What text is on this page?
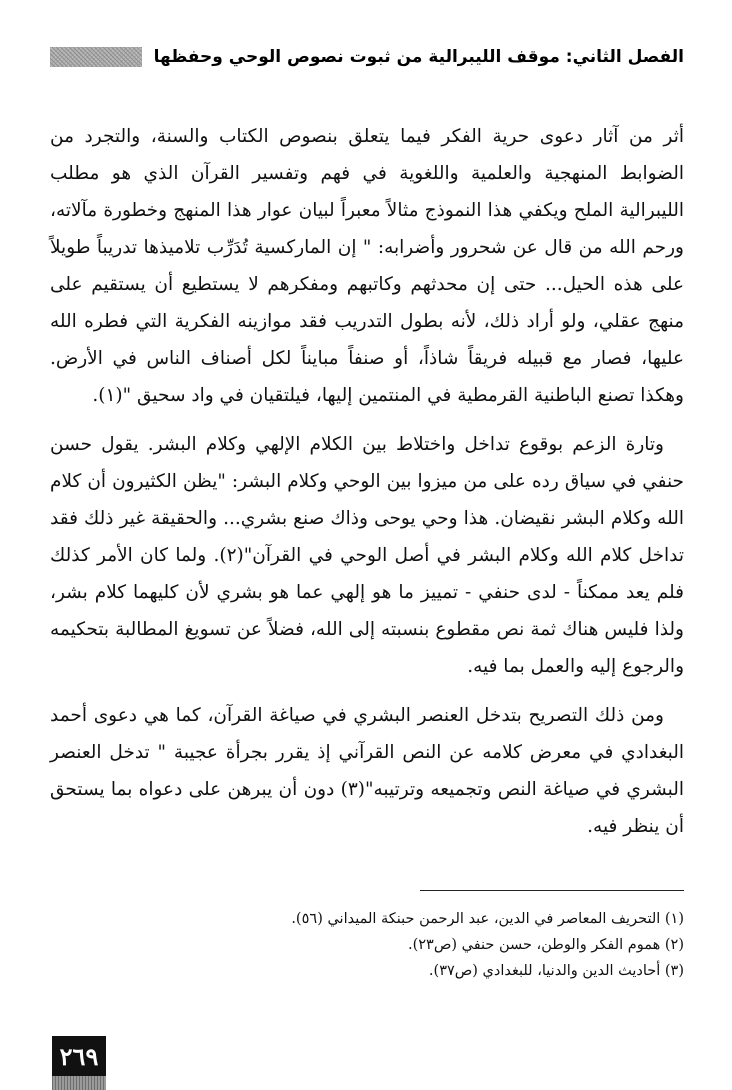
الفصل الثاني: موقف الليبرالية من ثبوت نصوص الوحي وحفظها

أثر من آثار دعوى حرية الفكر فيما يتعلق بنصوص الكتاب والسنة، والتجرد من الضوابط المنهجية والعلمية واللغوية في فهم وتفسير القرآن الذي هو مطلب الليبرالية الملح ويكفي هذا النموذج مثالاً معبراً لبيان عوار هذا المنهج وخطورة مآلاته، ورحم الله من قال عن شحرور وأضرابه: " إن الماركسية تُدَرِّب تلاميذها تدريباً طويلاً على هذه الحيل... حتى إن محدثهم وكاتبهم ومفكرهم لا يستطيع أن يستقيم على منهج عقلي، ولو أراد ذلك، لأنه بطول التدريب فقد موازينه الفكرية التي فطره الله عليها، فصار مع قبيله فريقاً شاذاً، أو صنفاً مبايناً لكل أصناف الناس في الأرض. وهكذا تصنع الباطنية القرمطية في المنتمين إليها، فيلتقيان في واد سحيق "(١).

وتارة الزعم بوقوع تداخل واختلاط بين الكلام الإلهي وكلام البشر. يقول حسن حنفي في سياق رده على من ميزوا بين الوحي وكلام البشر: "يظن الكثيرون أن كلام الله وكلام البشر نقيضان. هذا وحي يوحى وذاك صنع بشري... والحقيقة غير ذلك فقد تداخل كلام الله وكلام البشر في أصل الوحي في القرآن"(٢). ولما كان الأمر كذلك فلم يعد ممكناً - لدى حنفي - تمييز ما هو إلهي عما هو بشري لأن كليهما كلام بشر، ولذا فليس هناك ثمة نص مقطوع بنسبته إلى الله، فضلاً عن تسويغ المطالبة بتحكيمه والرجوع إليه والعمل بما فيه.

ومن ذلك التصريح بتدخل العنصر البشري في صياغة القرآن، كما هي دعوى أحمد البغدادي في معرض كلامه عن النص القرآني إذ يقرر بجرأة عجيبة " تدخل العنصر البشري في صياغة النص وتجميعه وترتيبه"(٣) دون أن يبرهن على دعواه بما يستحق أن ينظر فيه.

(١) التحريف المعاصر في الدين، عبد الرحمن حبنكة الميداني (٥٦).
(٢) هموم الفكر والوطن، حسن حنفي (ص٢٣).
(٣) أحاديث الدين والدنيا، للبغدادي (ص٣٧).
٢٦٩
